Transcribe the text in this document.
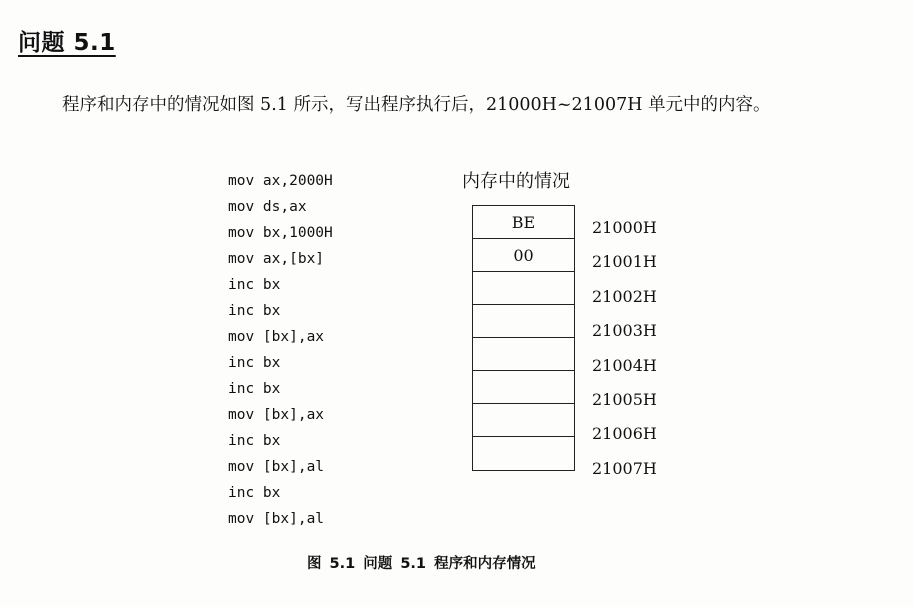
问题 5.1
程序和内存中的情况如图 5.1 所示，写出程序执行后，21000H~21007H 单元中的内容。
mov ax,2000H
mov ds,ax
mov bx,1000H
mov ax,[bx]
inc bx
inc bx
mov [bx],ax
inc bx
inc bx
mov [bx],ax
inc bx
mov [bx],al
inc bx
mov [bx],al
内存中的情况
BE
00
21000H
21001H
21002H
21003H
21004H
21005H
21006H
21007H
图 5.1 问题 5.1 程序和内存情况
